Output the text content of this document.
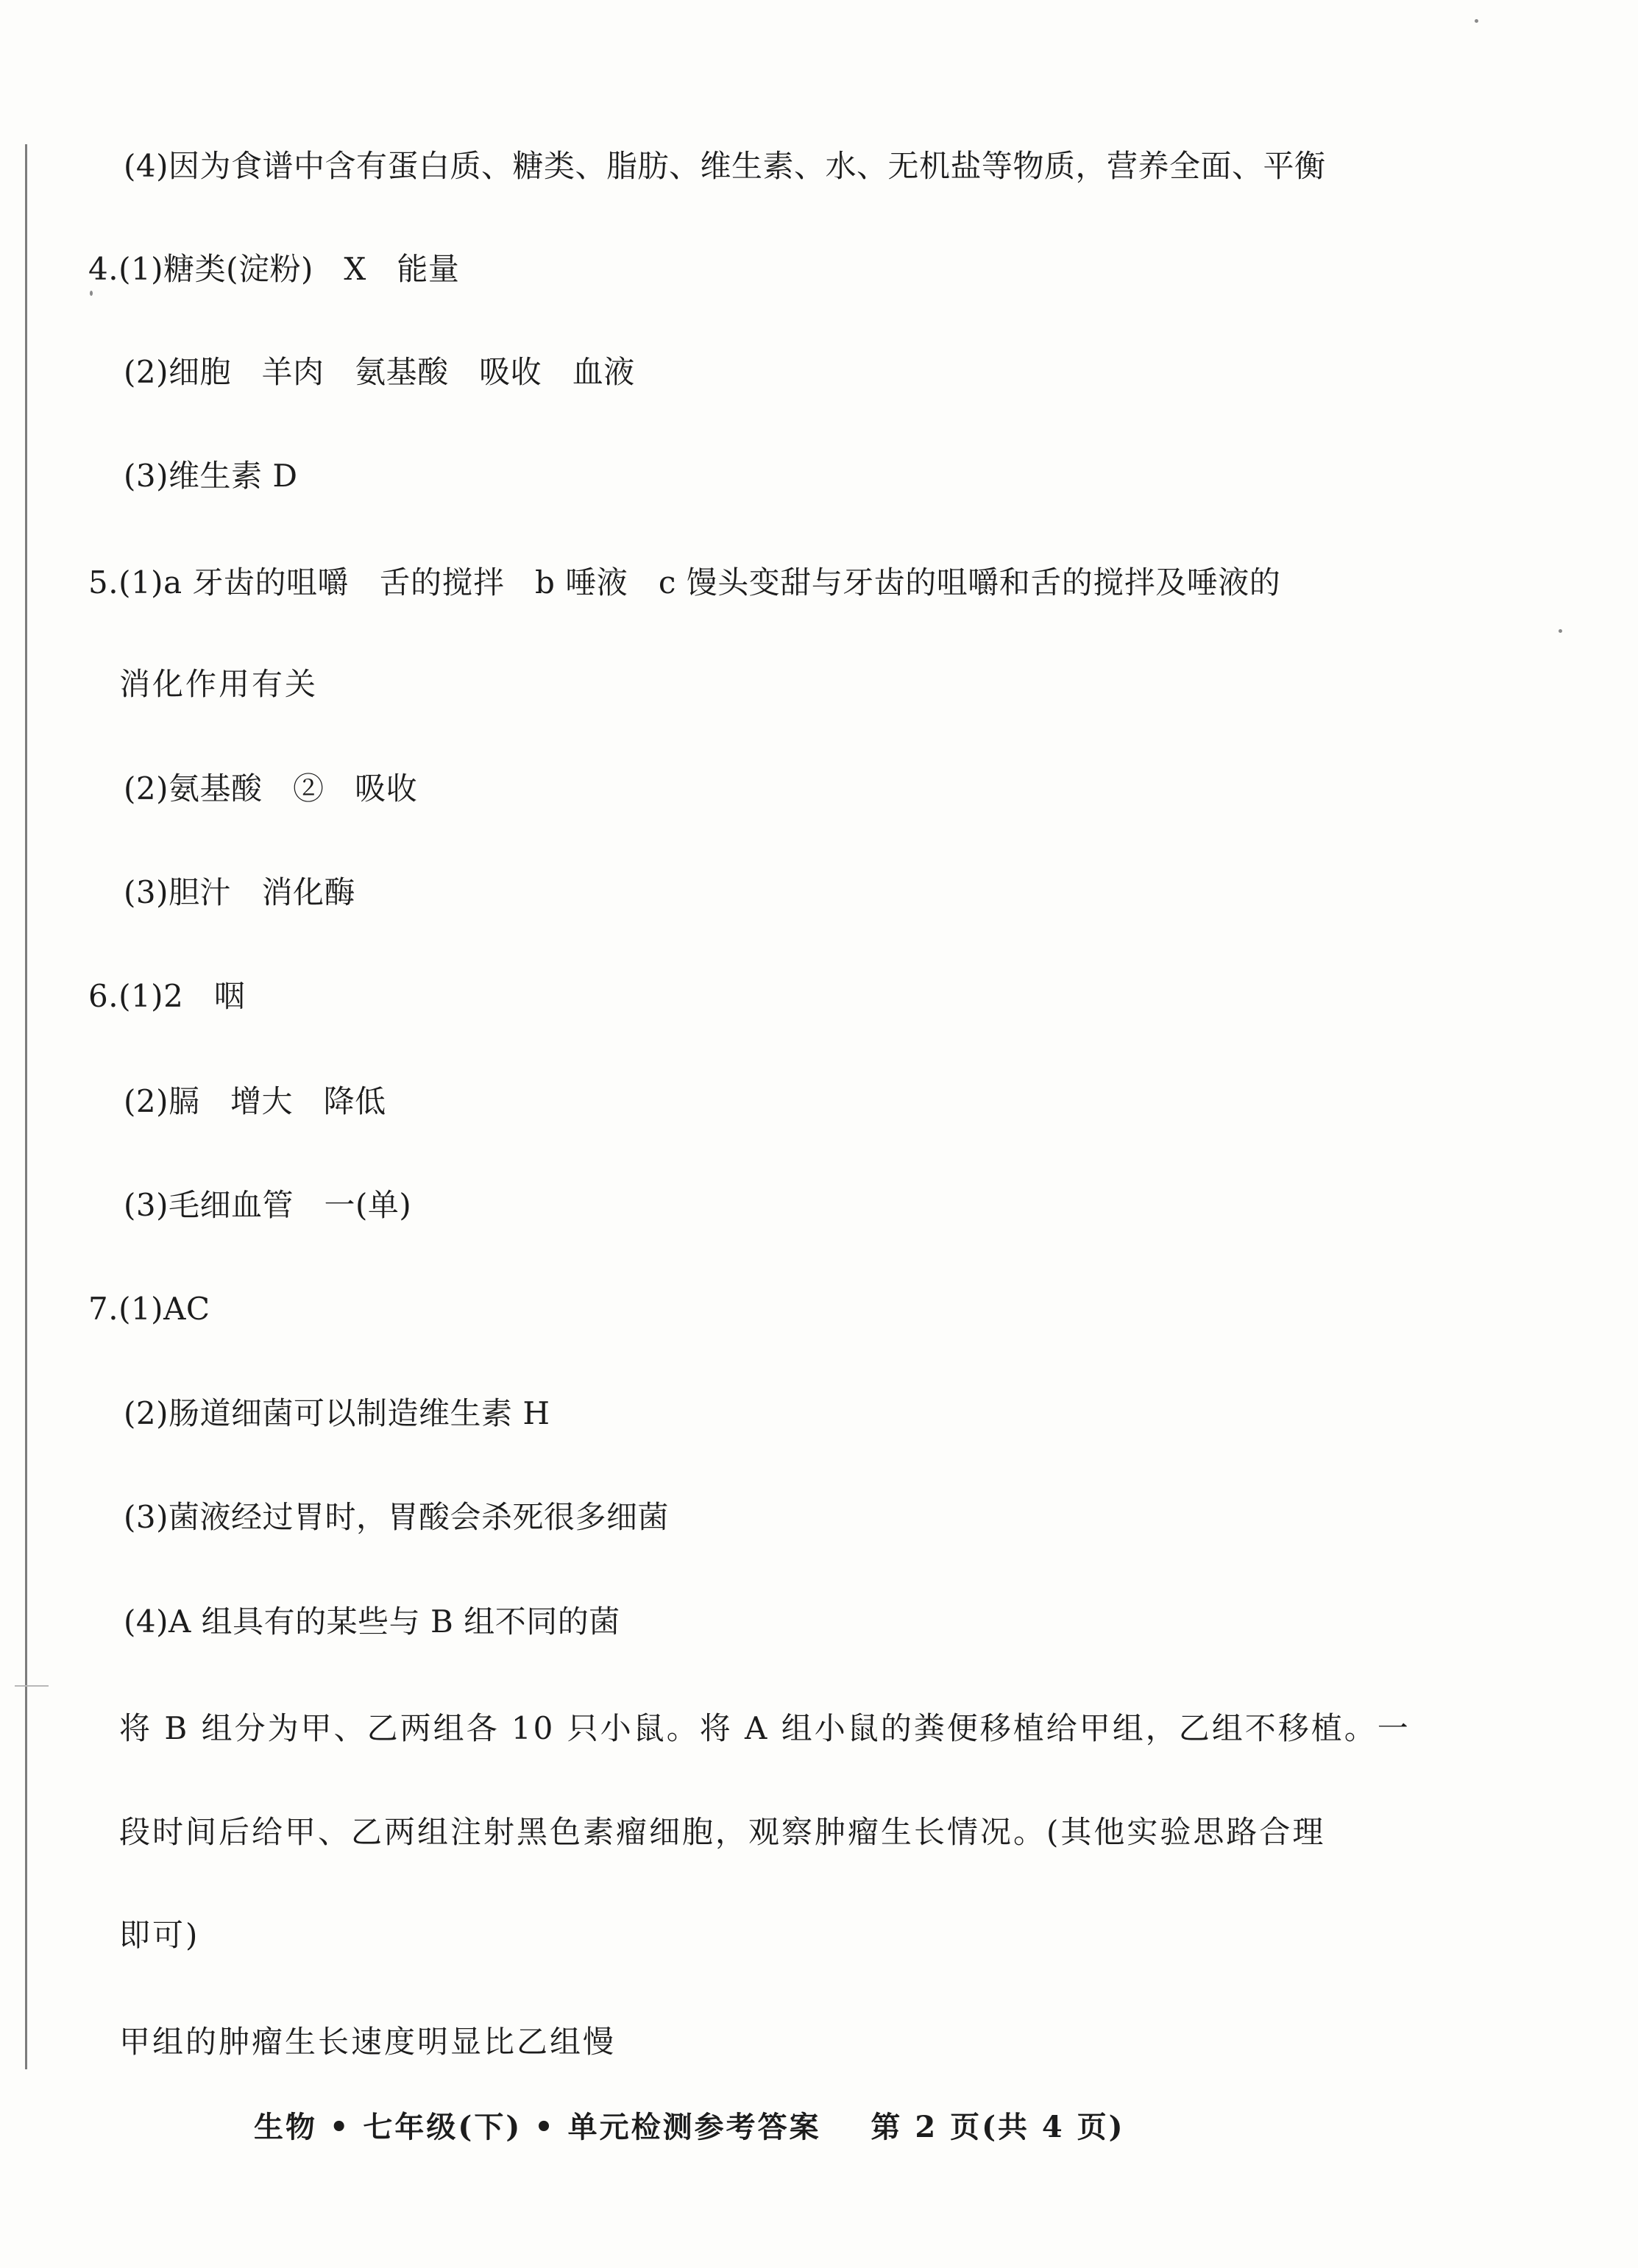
(4)因为食谱中含有蛋白质、糖类、脂肪、维生素、水、无机盐等物质，营养全面、平衡
4.(1)糖类(淀粉)   X   能量
(2)细胞   羊肉   氨基酸   吸收   血液
(3)维生素 D
5.(1)a 牙齿的咀嚼   舌的搅拌   b 唾液   c 馒头变甜与牙齿的咀嚼和舌的搅拌及唾液的
消化作用有关
(2)氨基酸   ②   吸收
(3)胆汁   消化酶
6.(1)2   咽
(2)膈   增大   降低
(3)毛细血管   一(单)
7.(1)AC
(2)肠道细菌可以制造维生素 H
(3)菌液经过胃时，胃酸会杀死很多细菌
(4)A 组具有的某些与 B 组不同的菌
将 B 组分为甲、乙两组各 10 只小鼠。将 A 组小鼠的粪便移植给甲组，乙组不移植。一
段时间后给甲、乙两组注射黑色素瘤细胞，观察肿瘤生长情况。(其他实验思路合理
即可)
甲组的肿瘤生长速度明显比乙组慢
生物 • 七年级(下) • 单元检测参考答案    第 2 页(共 4 页)
